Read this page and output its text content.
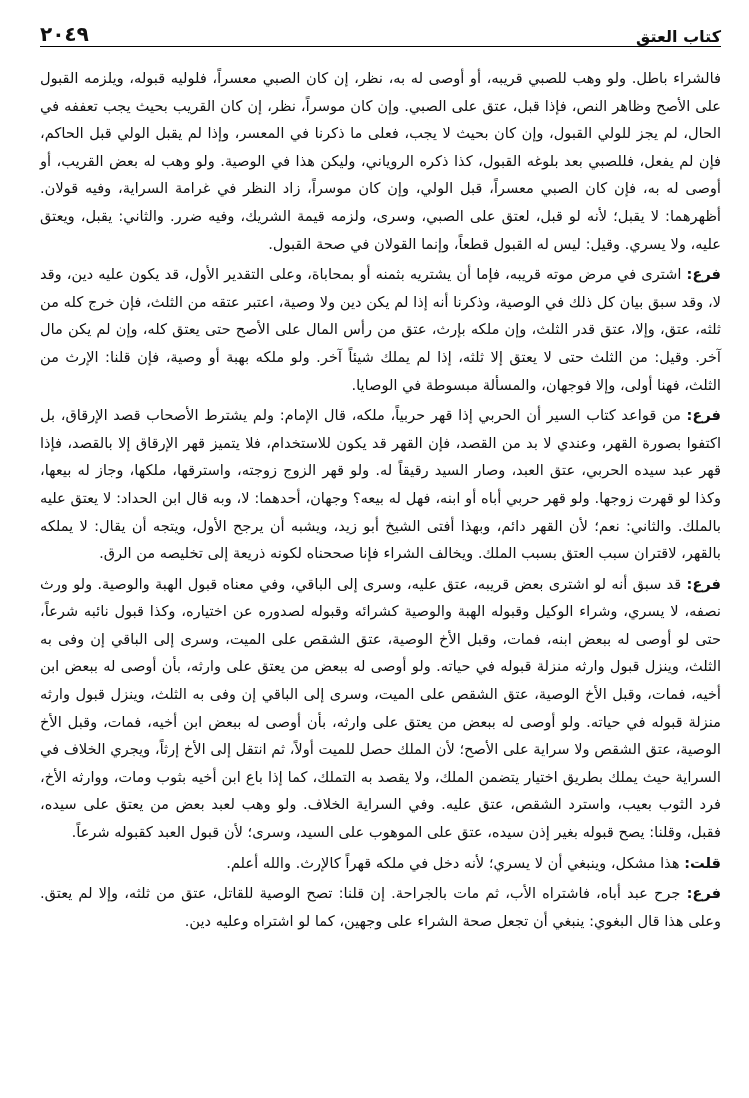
كتاب العتق
٢٠٤٩

فالشراء باطل. ولو وهب للصبي قريبه، أو أوصى له به، نظر، إن كان الصبي معسراً، فلوليه قبوله، ويلزمه القبول على الأصح وظاهر النص، فإذا قبل، عتق على الصبي. وإن كان موسراً، نظر، إن كان القريب بحيث يجب تعففه في الحال، لم يجز للولي القبول، وإن كان بحيث لا يجب، فعلى ما ذكرنا في المعسر، وإذا لم يقبل الولي قبل الحاكم، فإن لم يفعل، فللصبي بعد بلوغه القبول، كذا ذكره الروياني، وليكن هذا في الوصية. ولو وهب له بعض القريب، أو أوصى له به، فإن كان الصبي معسراً، قبل الولي، وإن كان موسراً، زاد النظر في غرامة السراية، وفيه قولان. أظهرهما: لا يقبل؛ لأنه لو قبل، لعتق على الصبي، وسرى، ولزمه قيمة الشريك، وفيه ضرر. والثاني: يقبل، ويعتق عليه، ولا يسري. وقيل: ليس له القبول قطعاً، وإنما القولان في صحة القبول.

فرع: اشترى في مرض موته قريبه، فإما أن يشتريه بثمنه أو بمحاباة، وعلى التقدير الأول، قد يكون عليه دين، وقد لا، وقد سبق بيان كل ذلك في الوصية، وذكرنا أنه إذا لم يكن دين ولا وصية، اعتبر عتقه من الثلث، فإن خرج كله من ثلثه، عتق، وإلا، عتق قدر الثلث، وإن ملكه بإرث، عتق من رأس المال على الأصح حتى يعتق كله، وإن لم يكن مال آخر. وقيل: من الثلث حتى لا يعتق إلا ثلثه، إذا لم يملك شيئاً آخر. ولو ملكه بهبة أو وصية، فإن قلنا: الإرث من الثلث، فهنا أولى، وإلا فوجهان، والمسألة مبسوطة في الوصايا.

فرع: من قواعد كتاب السير أن الحربي إذا قهر حربياً، ملكه، قال الإمام: ولم يشترط الأصحاب قصد الإرقاق، بل اكتفوا بصورة القهر، وعندي لا بد من القصد، فإن القهر قد يكون للاستخدام، فلا يتميز قهر الإرقاق إلا بالقصد، فإذا قهر عبد سيده الحربي، عتق العبد، وصار السيد رقيقاً له. ولو قهر الزوج زوجته، واسترقها، ملكها، وجاز له بيعها، وكذا لو قهرت زوجها. ولو قهر حربي أباه أو ابنه، فهل له بيعه؟ وجهان، أحدهما: لا، وبه قال ابن الحداد: لا يعتق عليه بالملك. والثاني: نعم؛ لأن القهر دائم، وبهذا أفتى الشيخ أبو زيد، ويشبه أن يرجح الأول، ويتجه أن يقال: لا يملكه بالقهر، لاقتران سبب العتق بسبب الملك. ويخالف الشراء فإنا صححناه لكونه ذريعة إلى تخليصه من الرق.

فرع: قد سبق أنه لو اشترى بعض قريبه، عتق عليه، وسرى إلى الباقي، وفي معناه قبول الهبة والوصية. ولو ورث نصفه، لا يسري، وشراء الوكيل وقبوله الهبة والوصية كشرائه وقبوله لصدوره عن اختياره، وكذا قبول نائبه شرعاً، حتى لو أوصى له ببعض ابنه، فمات، وقبل الأخ الوصية، عتق الشقص على الميت، وسرى إلى الباقي إن وفى به الثلث، وينزل قبول وارثه منزلة قبوله في حياته. ولو أوصى له ببعض من يعتق على وارثه، بأن أوصى له ببعض ابن أخيه، فمات، وقبل الأخ الوصية، عتق الشقص على الميت، وسرى إلى الباقي إن وفى به الثلث، وينزل قبول وارثه منزلة قبوله في حياته. ولو أوصى له ببعض من يعتق على وارثه، بأن أوصى له ببعض ابن أخيه، فمات، وقبل الأخ الوصية، عتق الشقص ولا سراية على الأصح؛ لأن الملك حصل للميت أولاً، ثم انتقل إلى الأخ إرثاً، ويجري الخلاف في السراية حيث يملك بطريق اختيار يتضمن الملك، ولا يقصد به التملك، كما إذا باع ابن أخيه بثوب ومات، ووارثه الأخ، فرد الثوب بعيب، واسترد الشقص، عتق عليه. وفي السراية الخلاف. ولو وهب لعبد بعض من يعتق على سيده، فقبل، وقلنا: يصح قبوله بغير إذن سيده، عتق على الموهوب على السيد، وسرى؛ لأن قبول العبد كقبوله شرعاً.

قلت: هذا مشكل، وينبغي أن لا يسري؛ لأنه دخل في ملكه قهراً كالإرث. والله أعلم.

فرع: جرح عبد أباه، فاشتراه الأب، ثم مات بالجراحة. إن قلنا: تصح الوصية للقاتل، عتق من ثلثه، وإلا لم يعتق. وعلى هذا قال البغوي: ينبغي أن تجعل صحة الشراء على وجهين، كما لو اشتراه وعليه دين.
